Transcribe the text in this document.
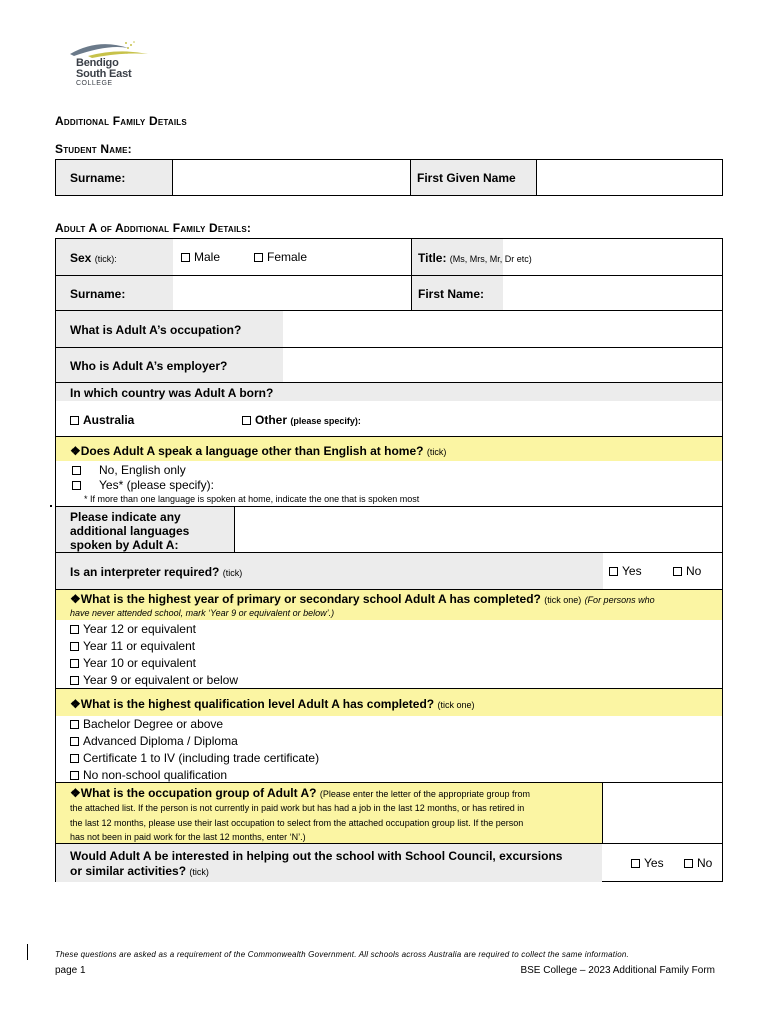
Bendigo
South East
COLLEGE
Additional Family Details
Student Name:
Surname:		First Given Name	
Adult A of Additional Family Details:
Sex (tick):	Male	Female	Title: (Ms, Mrs, Mr, Dr etc)
Surname:	First Name:
What is Adult A’s occupation?
Who is Adult A’s employer?
In which country was Adult A born?
Australia	Other (please specify):
❖Does Adult A speak a language other than English at home? (tick)
No, English only
Yes* (please specify):
* If more than one language is spoken at home, indicate the one that is spoken most
Please indicate any
additional languages
spoken by Adult A:
Is an interpreter required? (tick)	Yes	No
❖What is the highest year of primary or secondary school Adult A has completed? (tick one) (For persons who
have never attended school, mark ‘Year 9 or equivalent or below’.)
Year 12 or equivalent
Year 11 or equivalent
Year 10 or equivalent
Year 9 or equivalent or below
❖What is the highest qualification level Adult A has completed? (tick one)
Bachelor Degree or above
Advanced Diploma / Diploma
Certificate 1 to IV (including trade certificate)
No non-school qualification
❖What is the occupation group of Adult A? (Please enter the letter of the appropriate group from
the attached list. If the person is not currently in paid work but has had a job in the last 12 months, or has retired in
the last 12 months, please use their last occupation to select from the attached occupation group list. If the person
has not been in paid work for the last 12 months, enter ‘N’.)
Would Adult A be interested in helping out the school with School Council, excursions
or similar activities? (tick)
Yes	No
These questions are asked as a requirement of the Commonwealth Government. All schools across Australia are required to collect the same information.
page 1	BSE College – 2023 Additional Family Form
